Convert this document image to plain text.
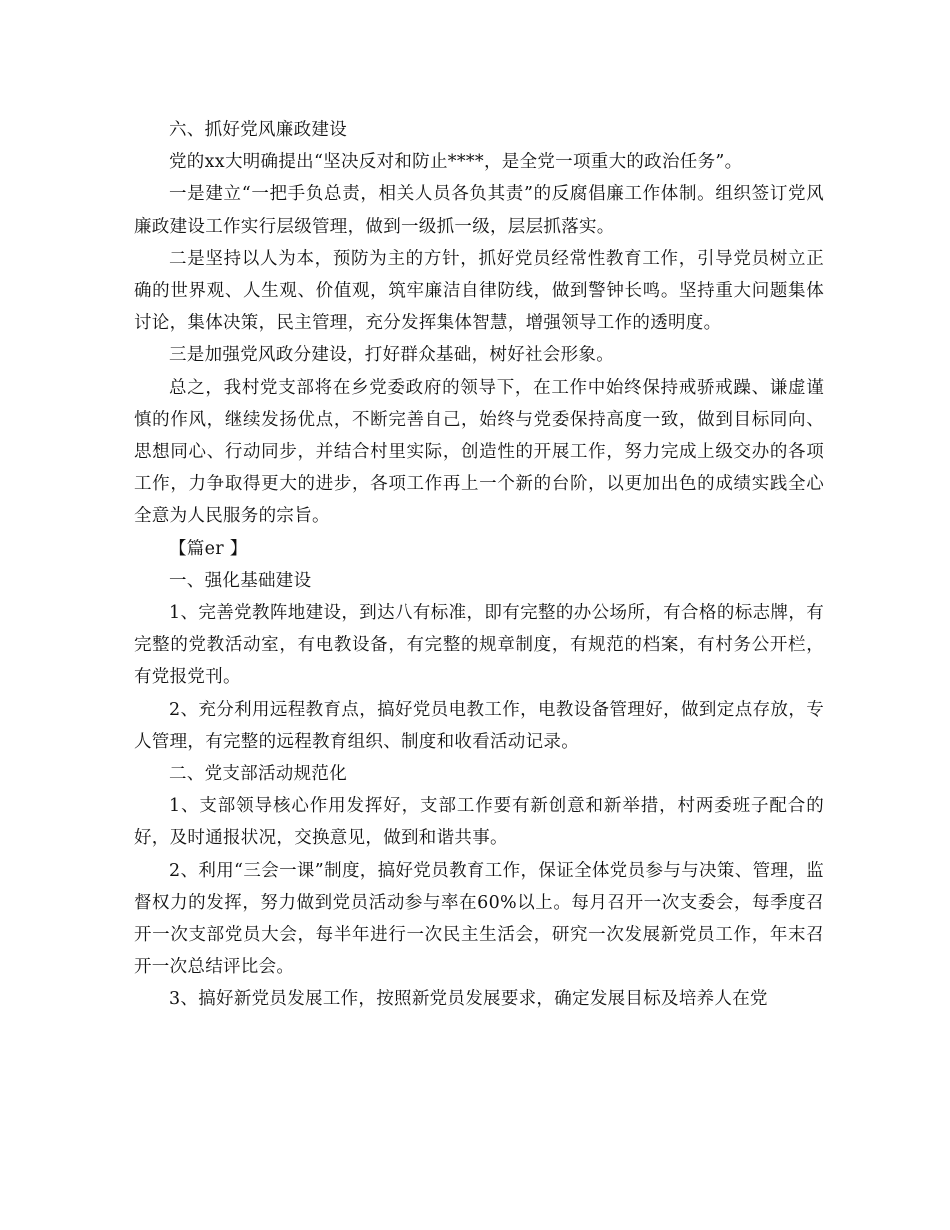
六、抓好党风廉政建设

党的xx大明确提出“坚决反对和防止****，是全党一项重大的政治任务”。

一是建立“一把手负总责，相关人员各负其责”的反腐倡廉工作体制。组织签订党风廉政建设工作实行层级管理，做到一级抓一级，层层抓落实。

二是坚持以人为本，预防为主的方针，抓好党员经常性教育工作，引导党员树立正确的世界观、人生观、价值观，筑牢廉洁自律防线，做到警钟长鸣。坚持重大问题集体讨论，集体决策，民主管理，充分发挥集体智慧，增强领导工作的透明度。

三是加强党风政分建设，打好群众基础，树好社会形象。

总之，我村党支部将在乡党委政府的领导下，在工作中始终保持戒骄戒躁、谦虚谨慎的作风，继续发扬优点，不断完善自己，始终与党委保持高度一致，做到目标同向、思想同心、行动同步，并结合村里实际，创造性的开展工作，努力完成上级交办的各项工作，力争取得更大的进步，各项工作再上一个新的台阶，以更加出色的成绩实践全心全意为人民服务的宗旨。

【篇er 】

一、强化基础建设

1、完善党教阵地建设，到达八有标准，即有完整的办公场所，有合格的标志牌，有完整的党教活动室，有电教设备，有完整的规章制度，有规范的档案，有村务公开栏，有党报党刊。

2、充分利用远程教育点，搞好党员电教工作，电教设备管理好，做到定点存放，专人管理，有完整的远程教育组织、制度和收看活动记录。

二、党支部活动规范化

1、支部领导核心作用发挥好，支部工作要有新创意和新举措，村两委班子配合的好，及时通报状况，交换意见，做到和谐共事。

2、利用“三会一课”制度，搞好党员教育工作，保证全体党员参与与决策、管理，监督权力的发挥，努力做到党员活动参与率在60%以上。每月召开一次支委会，每季度召开一次支部党员大会，每半年进行一次民主生活会，研究一次发展新党员工作，年末召开一次总结评比会。

3、搞好新党员发展工作，按照新党员发展要求，确定发展目标及培养人在党
